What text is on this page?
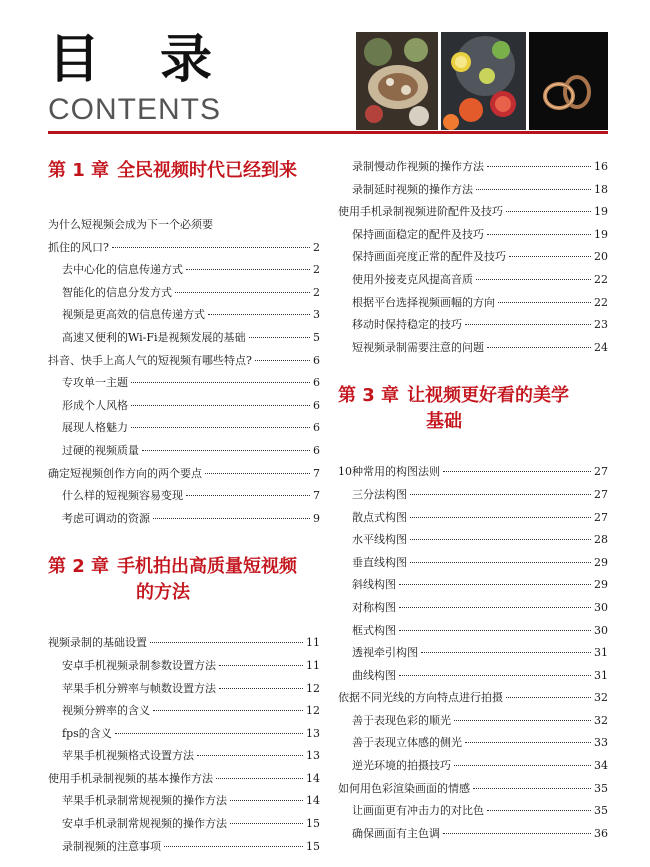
目录
CONTENTS
第 1 章 全民视频时代已经到来
为什么短视频会成为下一个必须要
抓住的风口?	2
去中心化的信息传递方式	2
智能化的信息分发方式	2
视频是更高效的信息传递方式	3
高速又便利的Wi-Fi是视频发展的基础	5
抖音、快手上高人气的短视频有哪些特点?	6
专攻单一主题	6
形成个人风格	6
展现人格魅力	6
过硬的视频质量	6
确定短视频创作方向的两个要点	7
什么样的短视频容易变现	7
考虑可调动的资源	9
第 2 章 手机拍出高质量短视频
的方法
视频录制的基础设置	11
安卓手机视频录制参数设置方法	11
苹果手机分辨率与帧数设置方法	12
视频分辨率的含义	12
fps的含义	13
苹果手机视频格式设置方法	13
使用手机录制视频的基本操作方法	14
苹果手机录制常规视频的操作方法	14
安卓手机录制常规视频的操作方法	15
录制视频的注意事项	15
录制慢动作视频的操作方法	16
录制延时视频的操作方法	18
使用手机录制视频进阶配件及技巧	19
保持画面稳定的配件及技巧	19
保持画面亮度正常的配件及技巧	20
使用外接麦克风提高音质	22
根据平台选择视频画幅的方向	22
移动时保持稳定的技巧	23
短视频录制需要注意的问题	24
第 3 章 让视频更好看的美学
基础
10种常用的构图法则	27
三分法构图	27
散点式构图	27
水平线构图	28
垂直线构图	29
斜线构图	29
对称构图	30
框式构图	30
透视牵引构图	31
曲线构图	31
依据不同光线的方向特点进行拍摄	32
善于表现色彩的顺光	32
善于表现立体感的侧光	33
逆光环境的拍摄技巧	34
如何用色彩渲染画面的情感	35
让画面更有冲击力的对比色	35
确保画面有主色调	36
